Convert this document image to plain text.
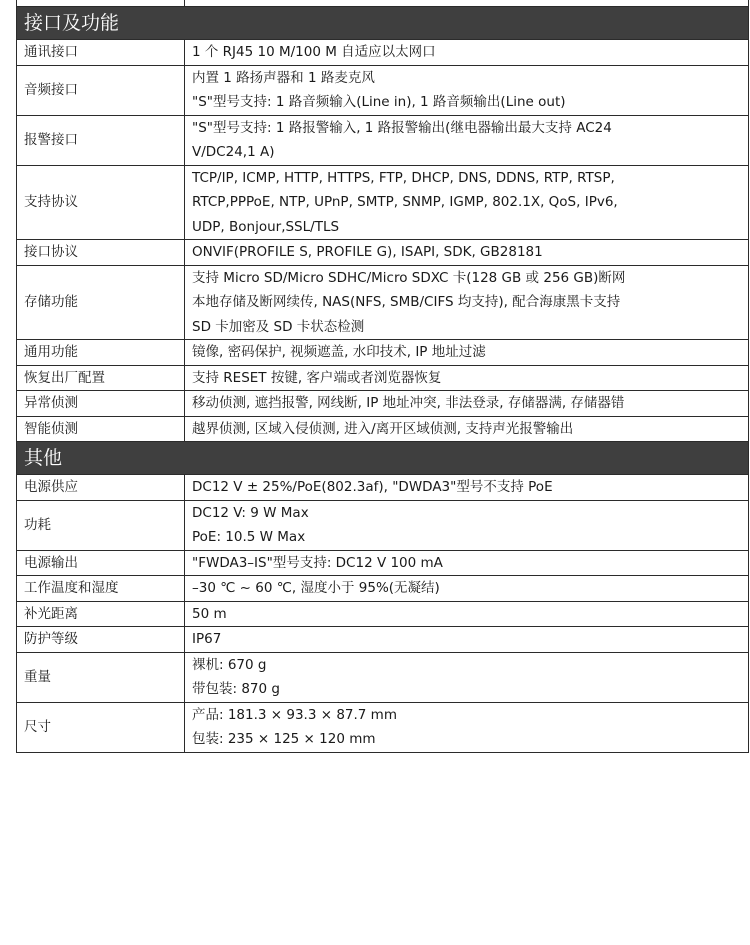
接口及功能	
通讯接口	1 个 RJ45 10 M/100 M 自适应以太网口

音频接口	内置 1 路扬声器和 1 路麦克风
"S"型号支持: 1 路音频输入(Line in), 1 路音频输出(Line out)

报警接口	"S"型号支持: 1 路报警输入, 1 路报警输出(继电器输出最大支持 AC24
V/DC24,1 A)

支持协议	TCP/IP, ICMP, HTTP, HTTPS, FTP, DHCP, DNS, DDNS, RTP, RTSP,
RTCP,PPPoE, NTP, UPnP, SMTP, SNMP, IGMP, 802.1X, QoS, IPv6,
UDP, Bonjour,SSL/TLS

接口协议	ONVIF(PROFILE S, PROFILE G), ISAPI, SDK, GB28181

存储功能	支持 Micro SD/Micro SDHC/Micro SDXC 卡(128 GB 或 256 GB)断网
本地存储及断网续传, NAS(NFS, SMB/CIFS 均支持), 配合海康黑卡支持
SD 卡加密及 SD 卡状态检测

通用功能	镜像, 密码保护, 视频遮盖, 水印技术, IP 地址过滤

恢复出厂配置	支持 RESET 按键, 客户端或者浏览器恢复

异常侦测	移动侦测, 遮挡报警, 网线断, IP 地址冲突, 非法登录, 存储器满, 存储器错

智能侦测	越界侦测, 区域入侵侦测, 进入/离开区域侦测, 支持声光报警输出

其他	
电源供应	DC12 V ± 25%/PoE(802.3af), "DWDA3"型号不支持 PoE

功耗	DC12 V: 9 W Max
PoE: 10.5 W Max

电源输出	"FWDA3–IS"型号支持: DC12 V 100 mA

工作温度和湿度	–30 ℃ ~ 60 ℃, 湿度小于 95%(无凝结)

补光距离	50 m

防护等级	IP67

重量	裸机: 670 g
带包装: 870 g

尺寸	产品: 181.3 × 93.3 × 87.7 mm
包装: 235 × 125 × 120 mm
